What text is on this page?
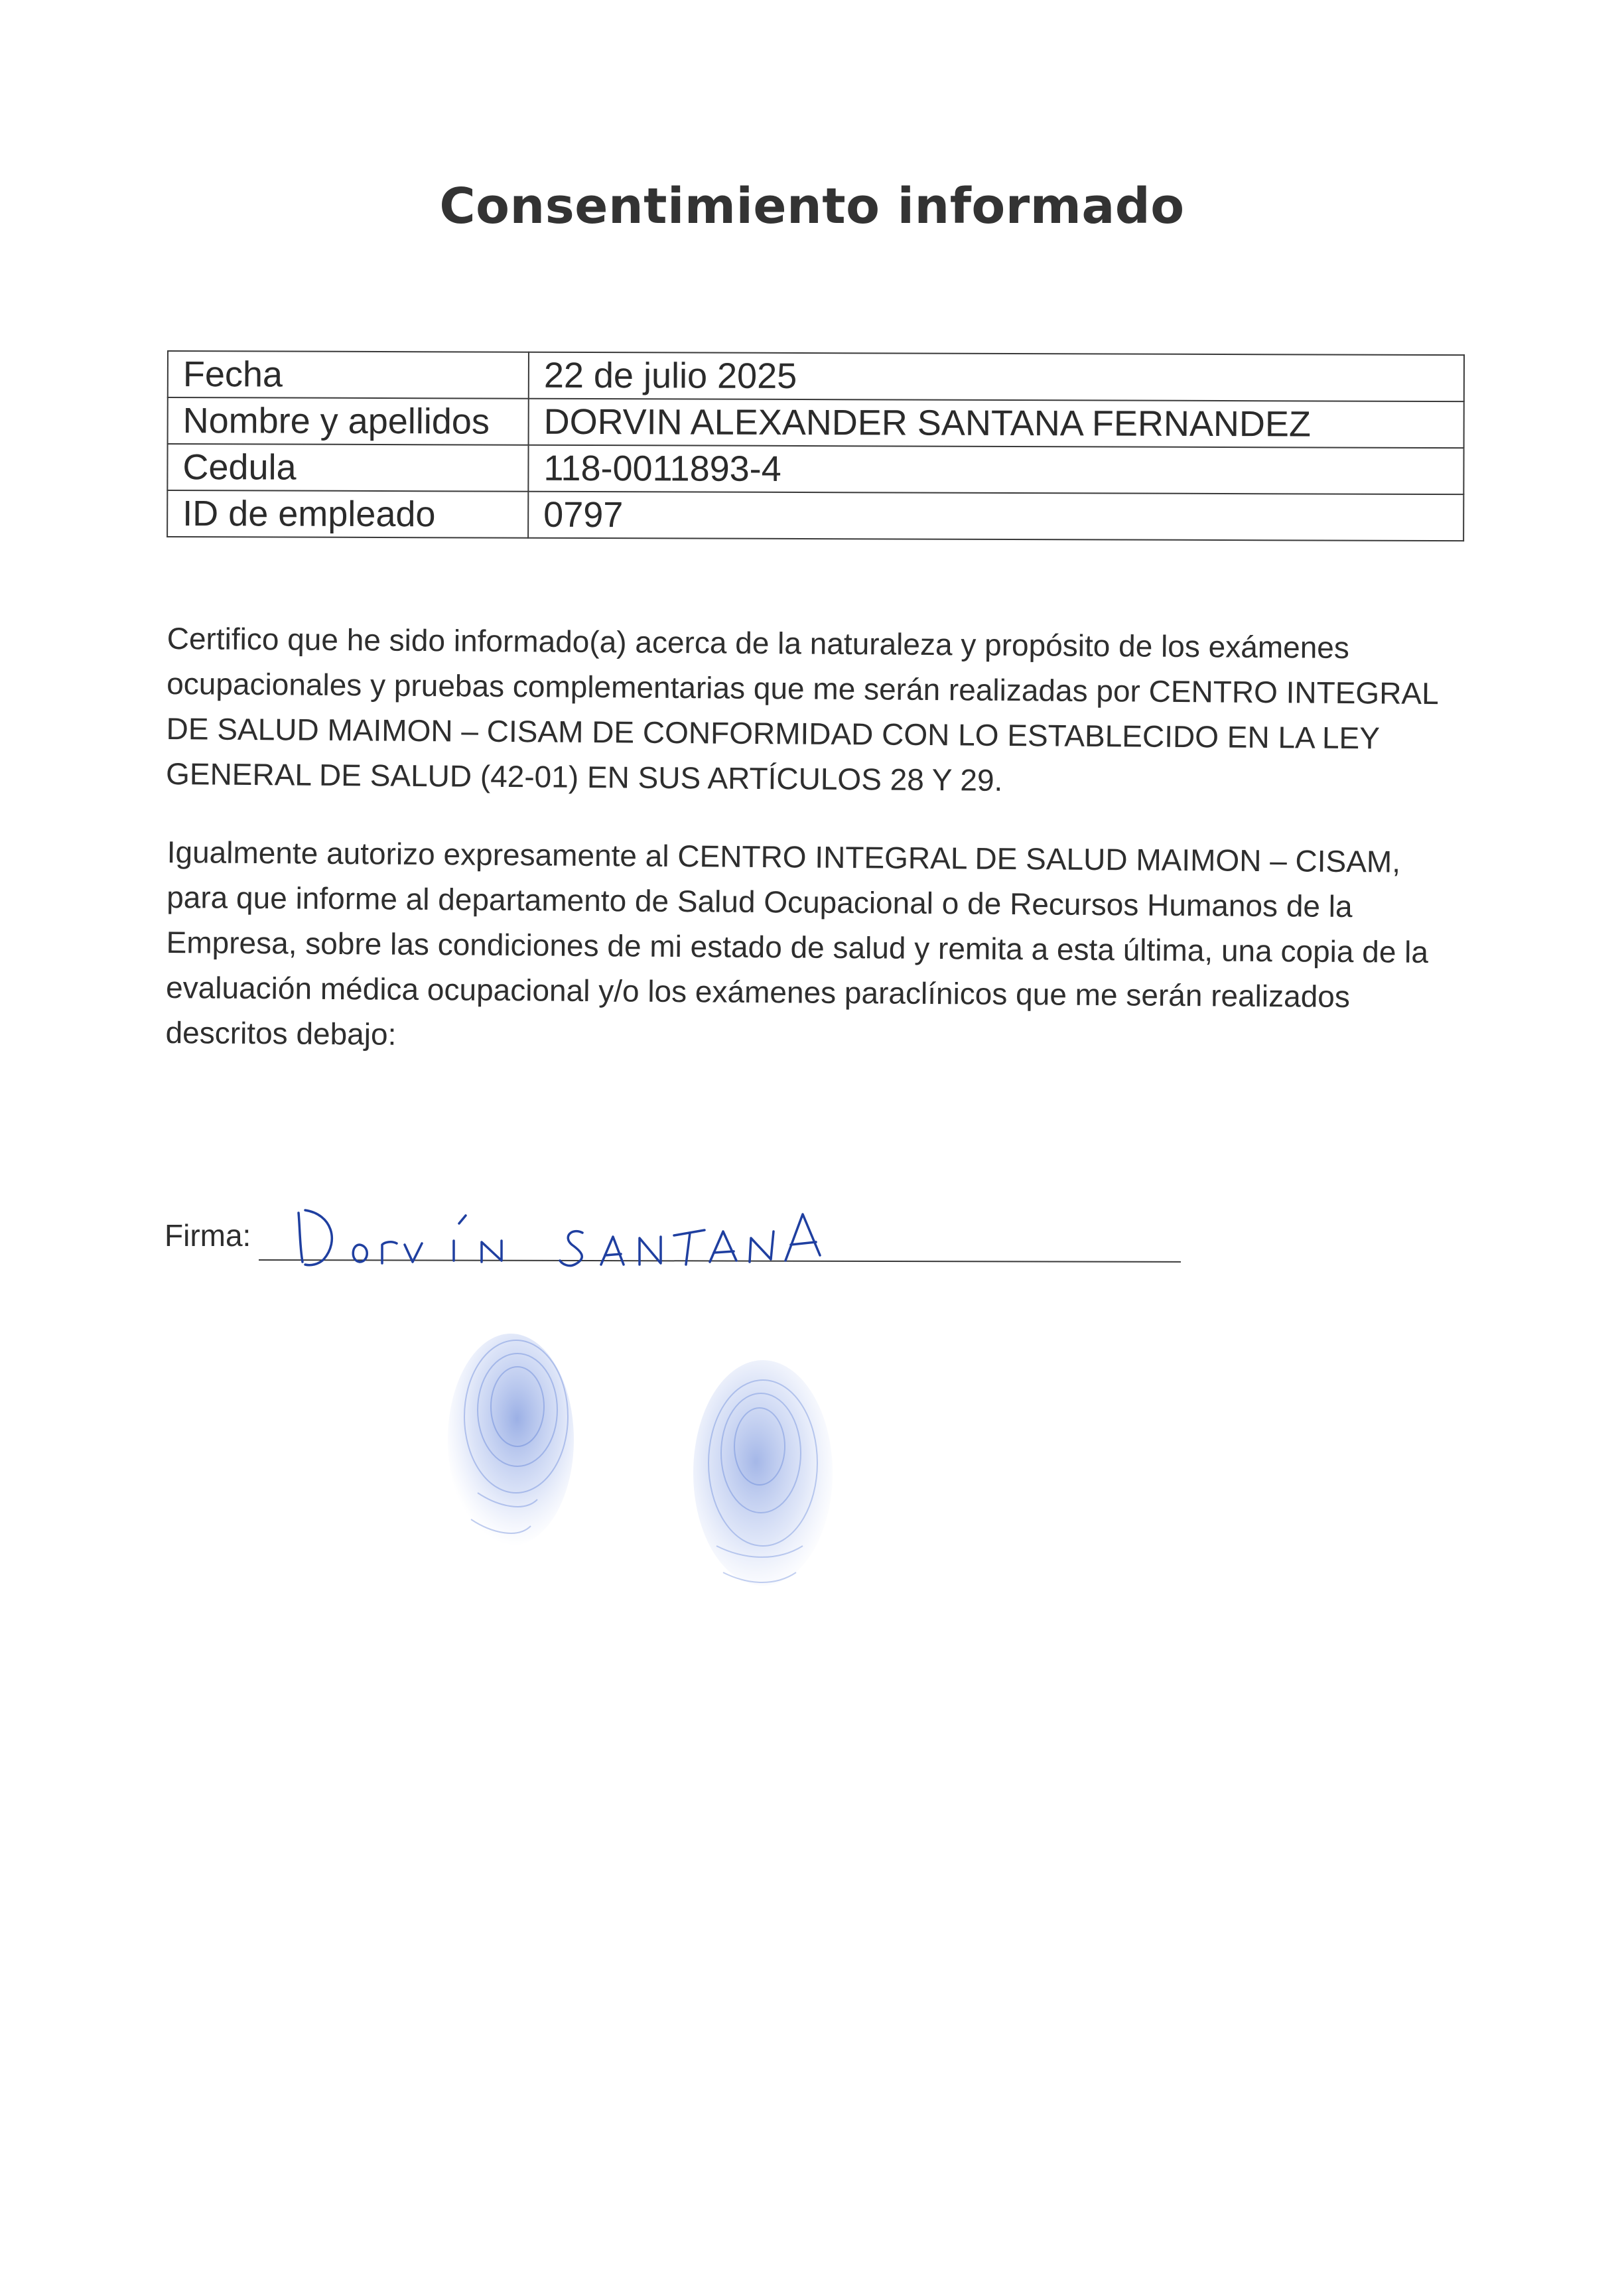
Consentimiento informado
Fecha	22 de julio 2025
Nombre y apellidos	DORVIN ALEXANDER SANTANA FERNANDEZ
Cedula	118-0011893-4
ID de empleado	0797
Certifico que he sido informado(a) acerca de la naturaleza y propósito de los exámenes ocupacionales y pruebas complementarias que me serán realizadas por CENTRO INTEGRAL DE SALUD MAIMON – CISAM DE CONFORMIDAD CON LO ESTABLECIDO EN LA LEY GENERAL DE SALUD (42-01) EN SUS ARTÍCULOS 28 Y 29.
Igualmente autorizo expresamente al CENTRO INTEGRAL DE SALUD MAIMON – CISAM, para que informe al departamento de Salud Ocupacional o de Recursos Humanos de la Empresa, sobre las condiciones de mi estado de salud y remita a esta última, una copia de la evaluación médica ocupacional y/o los exámenes paraclínicos que me serán realizados descritos debajo:
Firma:
